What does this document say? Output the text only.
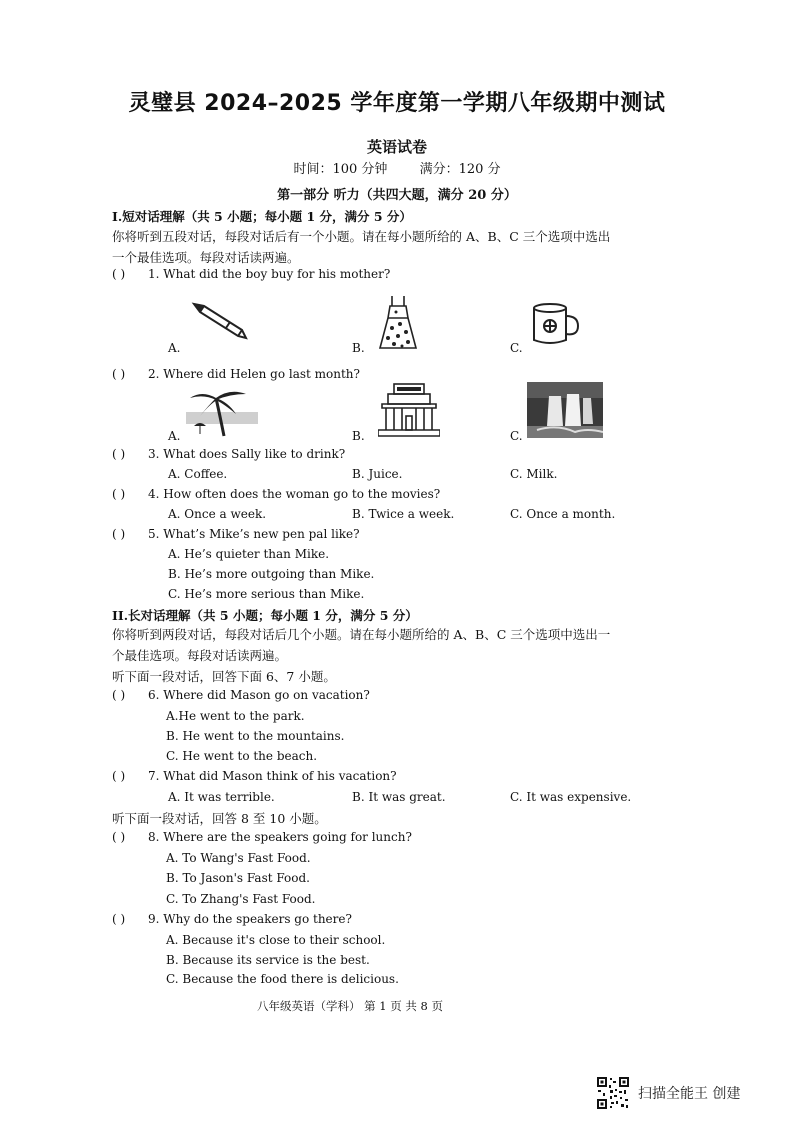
灵璧县 2024–2025 学年度第一学期八年级期中测试
英语试卷
时间：100 分钟 满分：120 分
第一部分 听力（共四大题，满分 20 分）
I.短对话理解（共 5 小题；每小题 1 分，满分 5 分）
你将听到五段对话，每段对话后有一个小题。请在每小题所给的 A、B、C 三个选项中选出
一个最佳选项。每段对话读两遍。
( ) 1. What did the boy buy for his mother?
A.	B.	C.
( ) 2. Where did Helen go last month?
A.	B.	C.
( ) 3. What does Sally like to drink?
A. Coffee.	B. Juice.	C. Milk.
( ) 4. How often does the woman go to the movies?
A. Once a week.	B. Twice a week.	C. Once a month.
( ) 5. What’s Mike’s new pen pal like?
A. He’s quieter than Mike.
B. He’s more outgoing than Mike.
C. He’s more serious than Mike.
II.长对话理解（共 5 小题；每小题 1 分，满分 5 分）
你将听到两段对话，每段对话后几个小题。请在每小题所给的 A、B、C 三个选项中选出一
个最佳选项。每段对话读两遍。
听下面一段对话，回答下面 6、7 小题。
( ) 6. Where did Mason go on vacation?
A.He went to the park.
B. He went to the mountains.
C. He went to the beach.
( ) 7. What did Mason think of his vacation?
A. It was terrible.	B. It was great.	C. It was expensive.
听下面一段对话，回答 8 至 10 小题。
( ) 8. Where are the speakers going for lunch?
A. To Wang's Fast Food.
B. To Jason's Fast Food.
C. To Zhang's Fast Food.
( ) 9. Why do the speakers go there?
A. Because it's close to their school.
B. Because its service is the best.
C. Because the food there is delicious.
八年级英语（学科） 第 1 页 共 8 页
扫描全能王 创建
